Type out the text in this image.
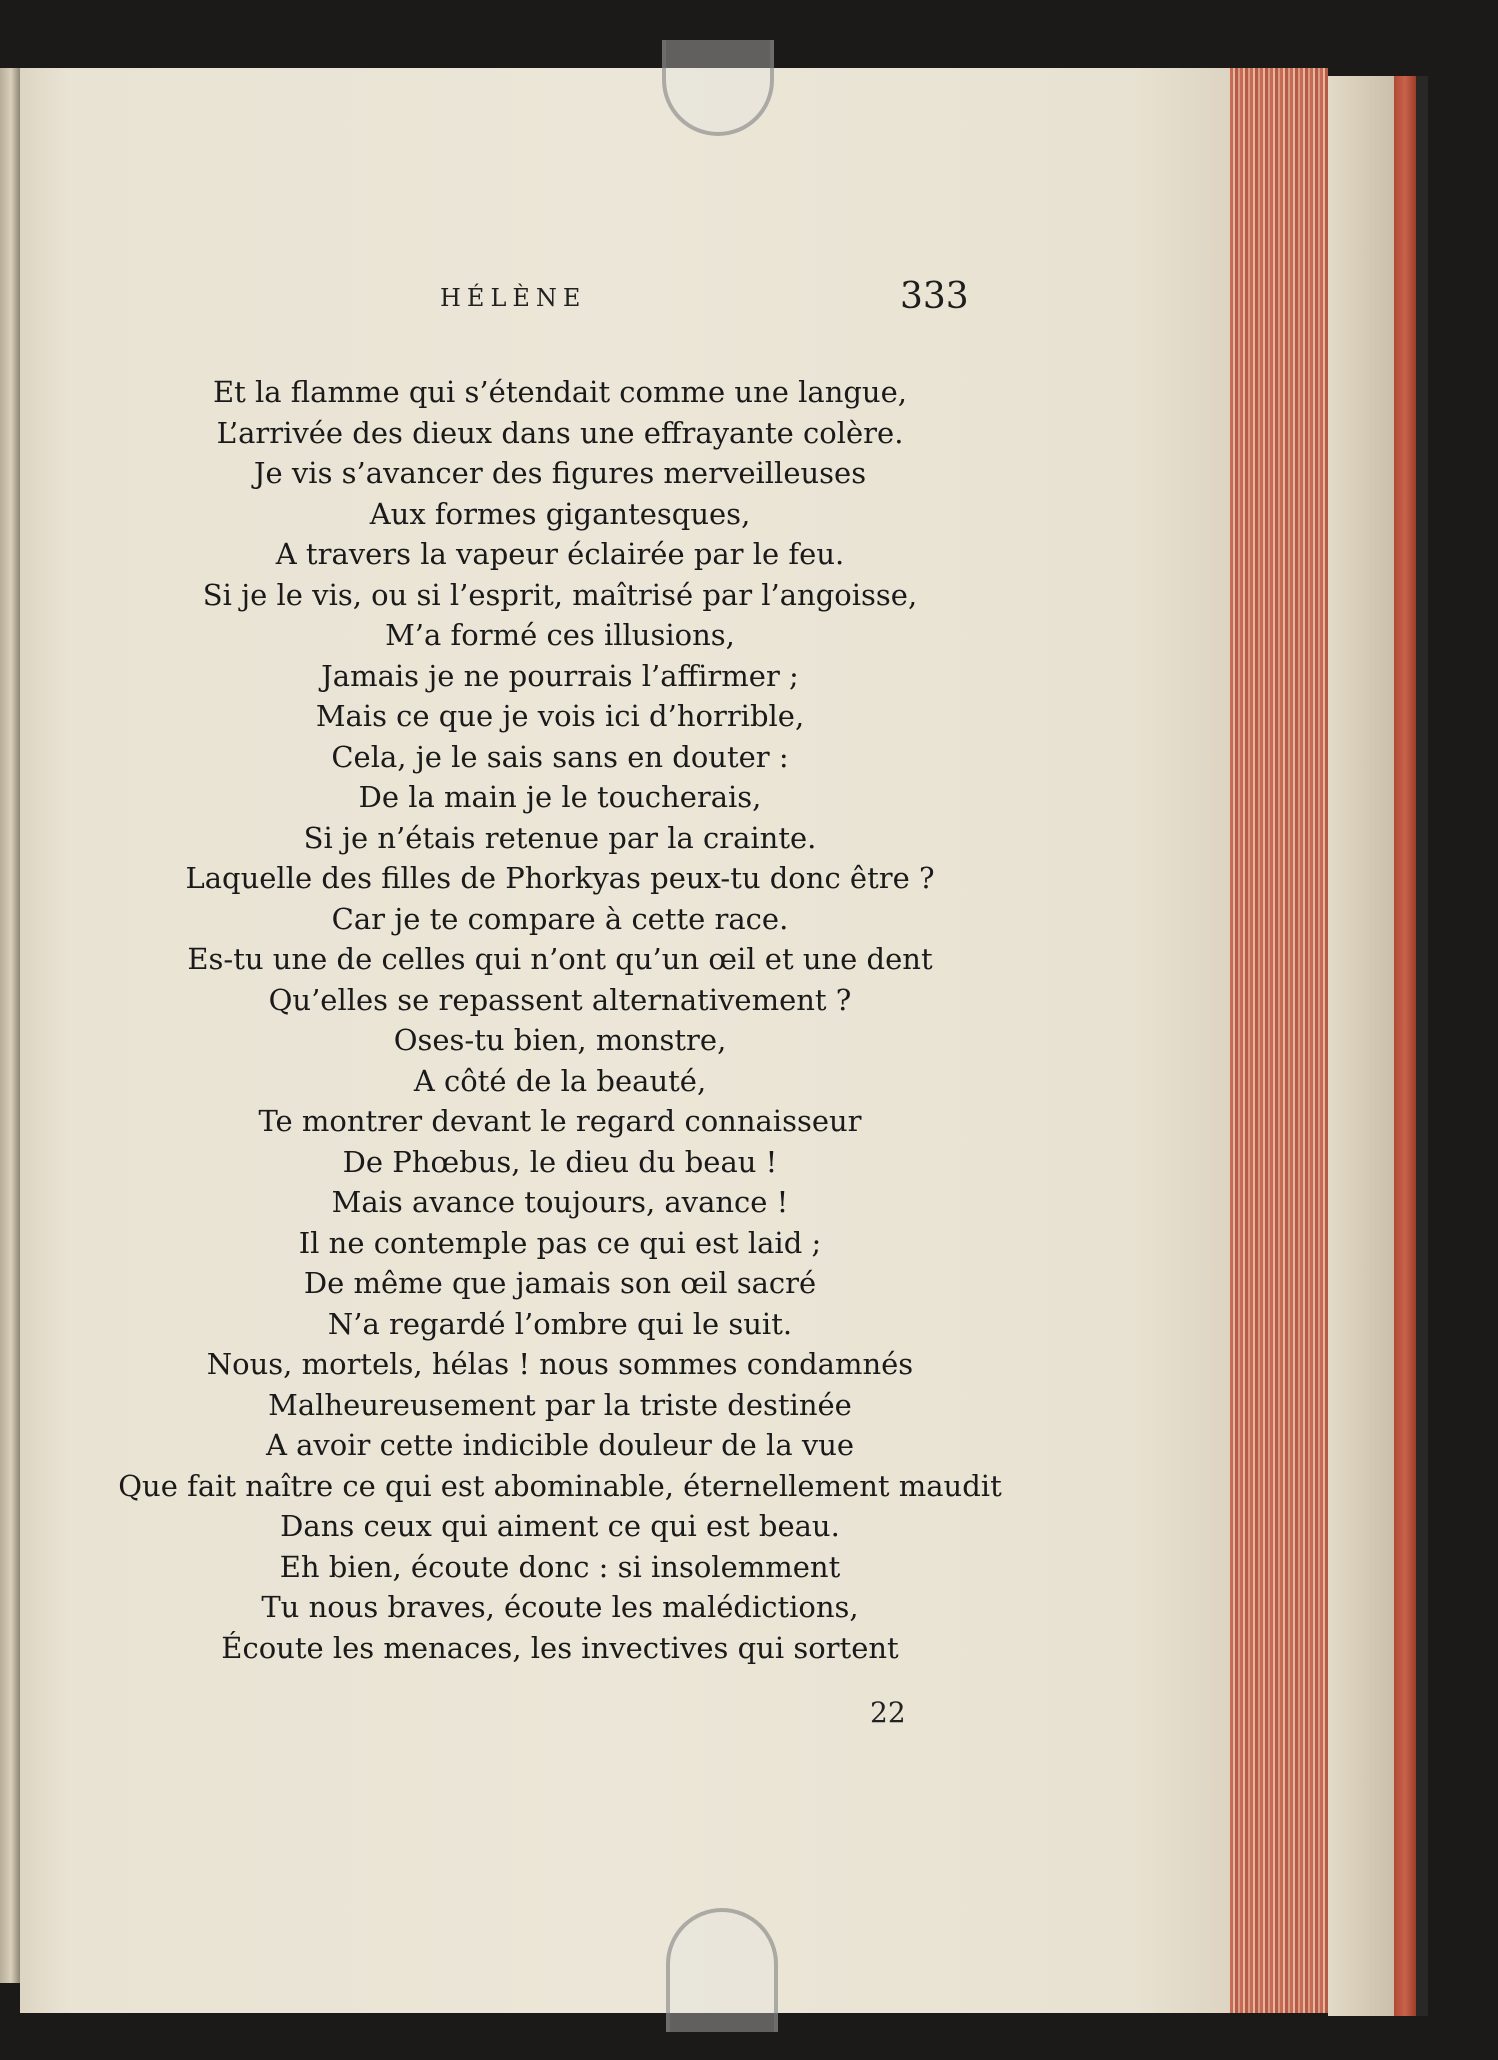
HÉLÈNE	333
Et la flamme qui s’étendait comme une langue,
L’arrivée des dieux dans une effrayante colère.
Je vis s’avancer des figures merveilleuses
Aux formes gigantesques,
A travers la vapeur éclairée par le feu.
Si je le vis, ou si l’esprit, maîtrisé par l’angoisse,
M’a formé ces illusions,
Jamais je ne pourrais l’affirmer ;
Mais ce que je vois ici d’horrible,
Cela, je le sais sans en douter :
De la main je le toucherais,
Si je n’étais retenue par la crainte.
Laquelle des filles de Phorkyas peux-tu donc être ?
Car je te compare à cette race.
Es-tu une de celles qui n’ont qu’un œil et une dent
Qu’elles se repassent alternativement ?
Oses-tu bien, monstre,
A côté de la beauté,
Te montrer devant le regard connaisseur
De Phœbus, le dieu du beau !
Mais avance toujours, avance !
Il ne contemple pas ce qui est laid ;
De même que jamais son œil sacré
N’a regardé l’ombre qui le suit.
Nous, mortels, hélas ! nous sommes condamnés
Malheureusement par la triste destinée
A avoir cette indicible douleur de la vue
Que fait naître ce qui est abominable, éternellement maudit
Dans ceux qui aiment ce qui est beau.
Eh bien, écoute donc : si insolemment
Tu nous braves, écoute les malédictions,
Écoute les menaces, les invectives qui sortent
22
